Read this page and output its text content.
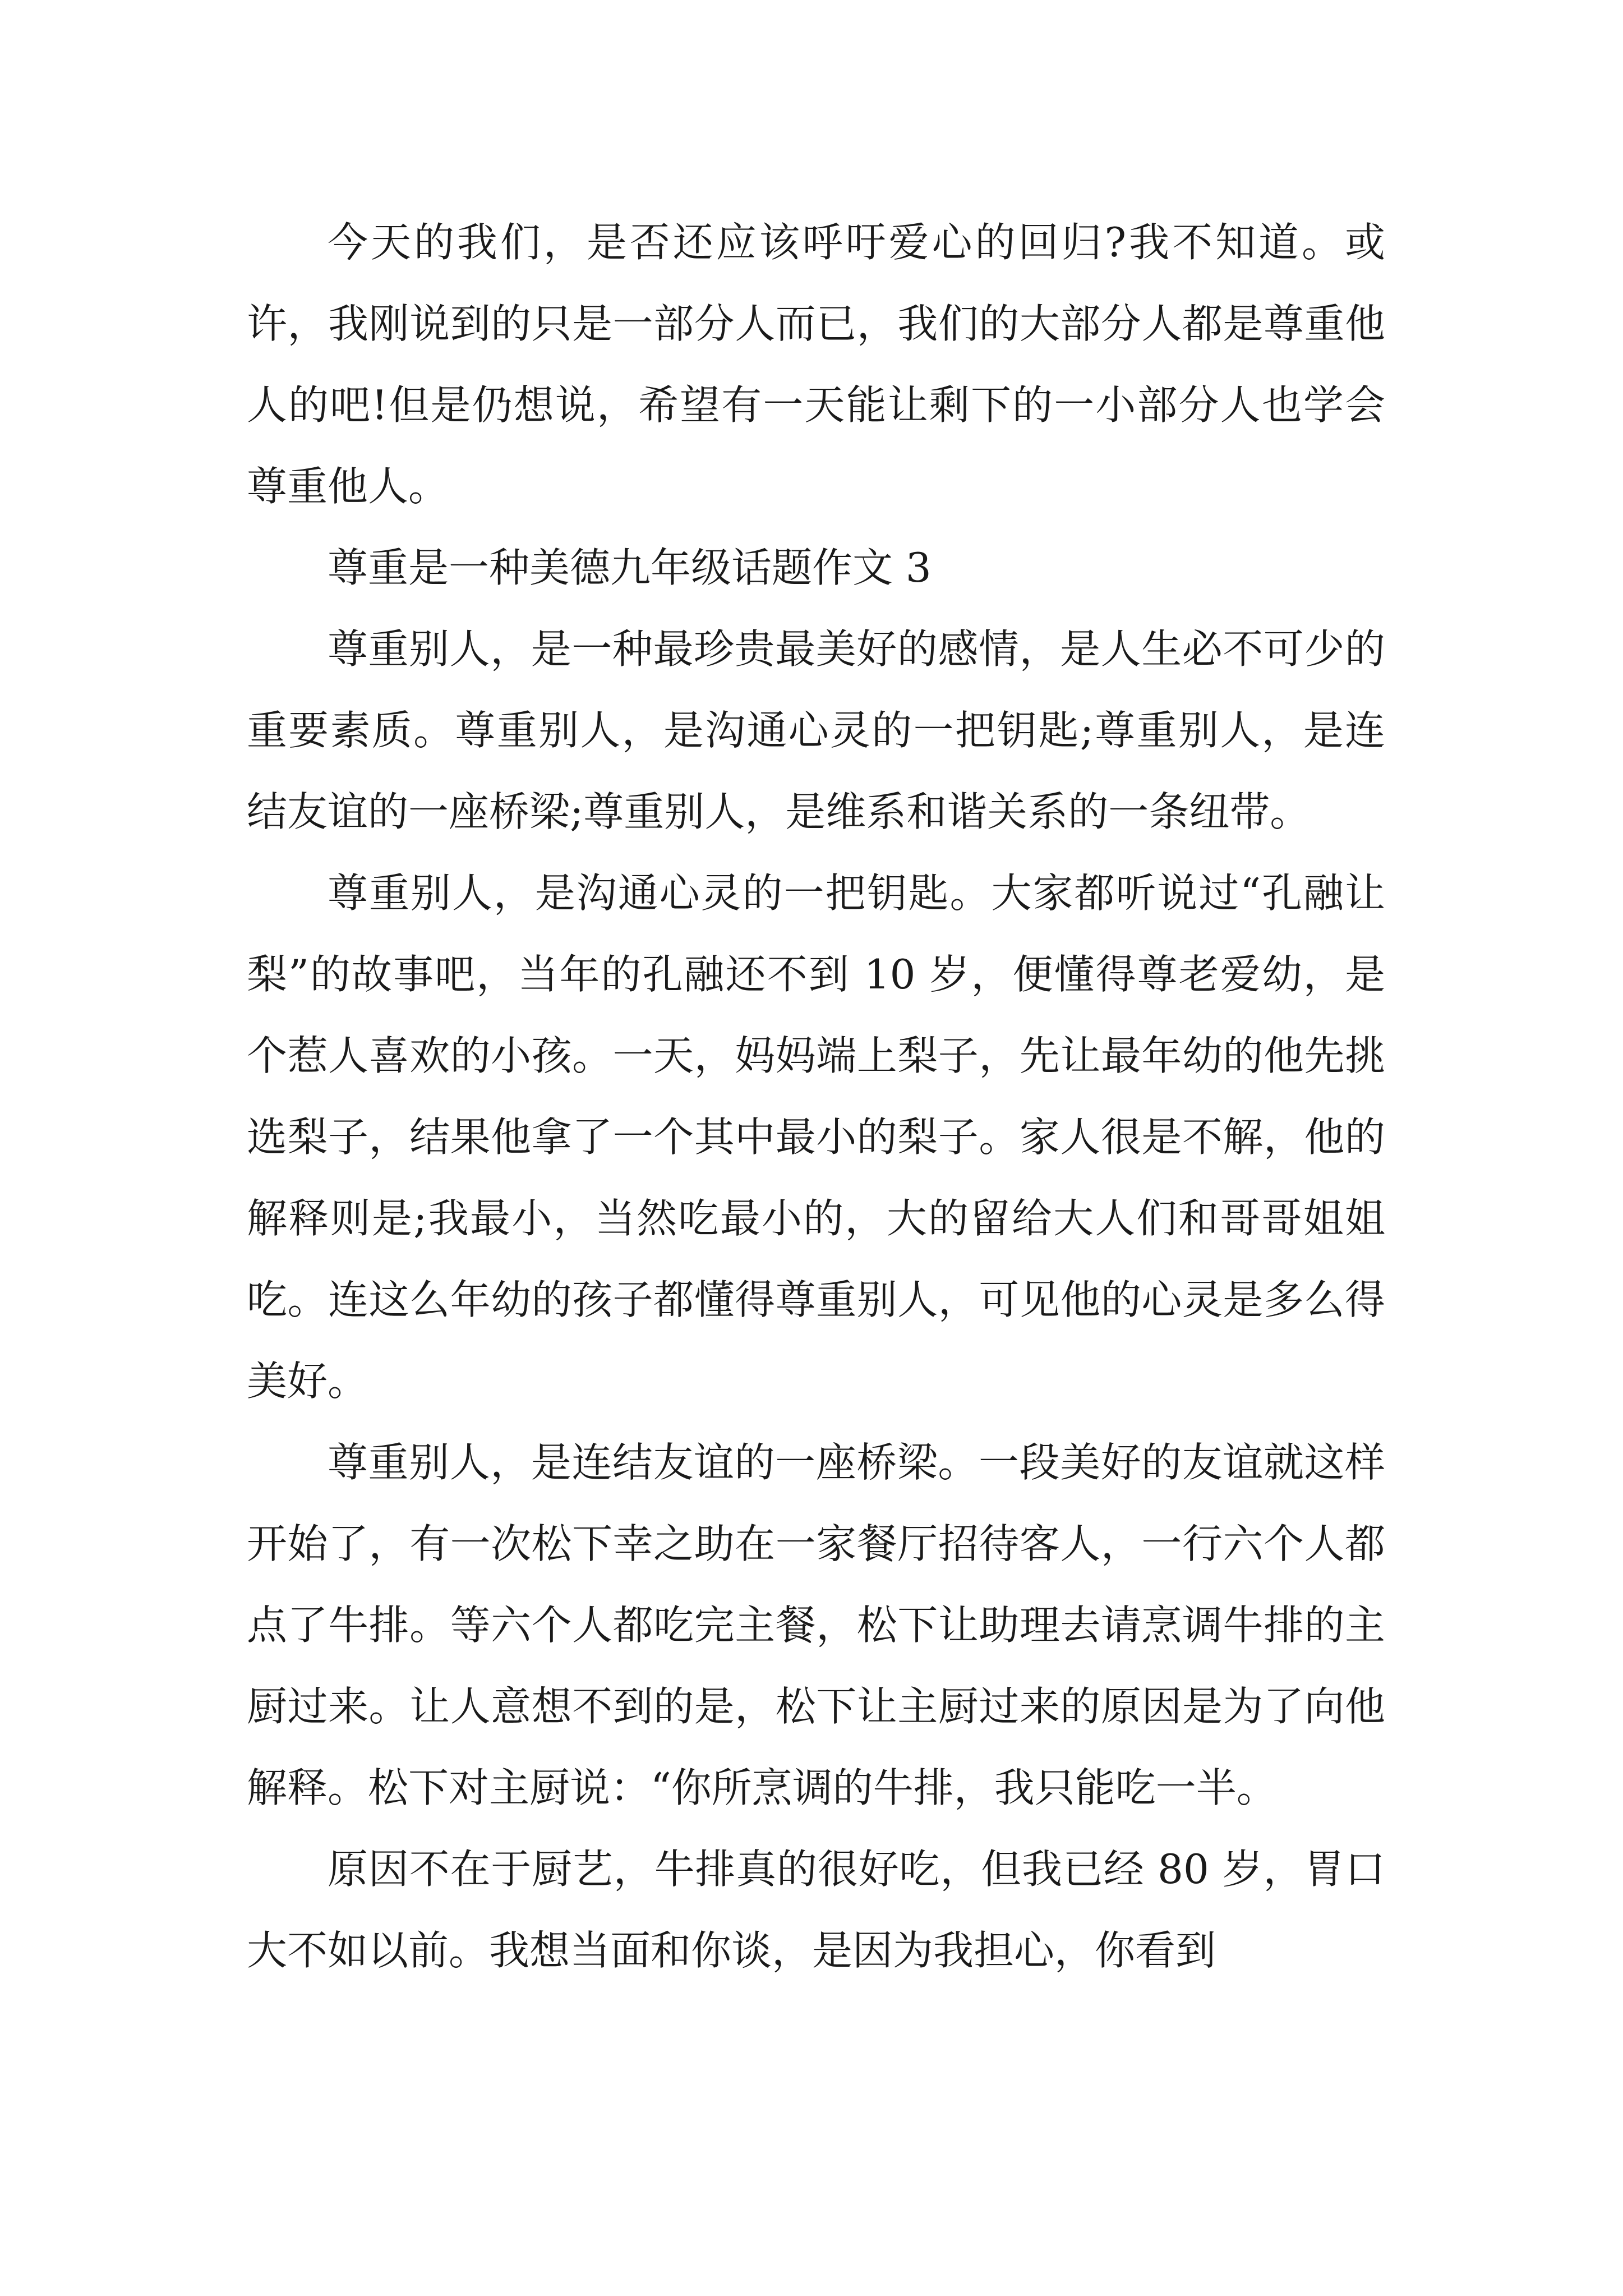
今天的我们，是否还应该呼吁爱心的回归?我不知道。或许，我刚说到的只是一部分人而已，我们的大部分人都是尊重他人的吧!但是仍想说，希望有一天能让剩下的一小部分人也学会尊重他人。

尊重是一种美德九年级话题作文 3

尊重别人，是一种最珍贵最美好的感情，是人生必不可少的重要素质。尊重别人，是沟通心灵的一把钥匙;尊重别人，是连结友谊的一座桥梁;尊重别人，是维系和谐关系的一条纽带。

尊重别人，是沟通心灵的一把钥匙。大家都听说过“孔融让梨”的故事吧，当年的孔融还不到 10 岁，便懂得尊老爱幼，是个惹人喜欢的小孩。一天，妈妈端上梨子，先让最年幼的他先挑选梨子，结果他拿了一个其中最小的梨子。家人很是不解，他的解释则是;我最小，当然吃最小的，大的留给大人们和哥哥姐姐吃。连这么年幼的孩子都懂得尊重别人，可见他的心灵是多么得美好。

尊重别人，是连结友谊的一座桥梁。一段美好的友谊就这样开始了，有一次松下幸之助在一家餐厅招待客人，一行六个人都点了牛排。等六个人都吃完主餐，松下让助理去请烹调牛排的主厨过来。让人意想不到的是，松下让主厨过来的原因是为了向他解释。松下对主厨说：“你所烹调的牛排，我只能吃一半。

原因不在于厨艺，牛排真的很好吃，但我已经 80 岁，胃口大不如以前。我想当面和你谈，是因为我担心，你看到
